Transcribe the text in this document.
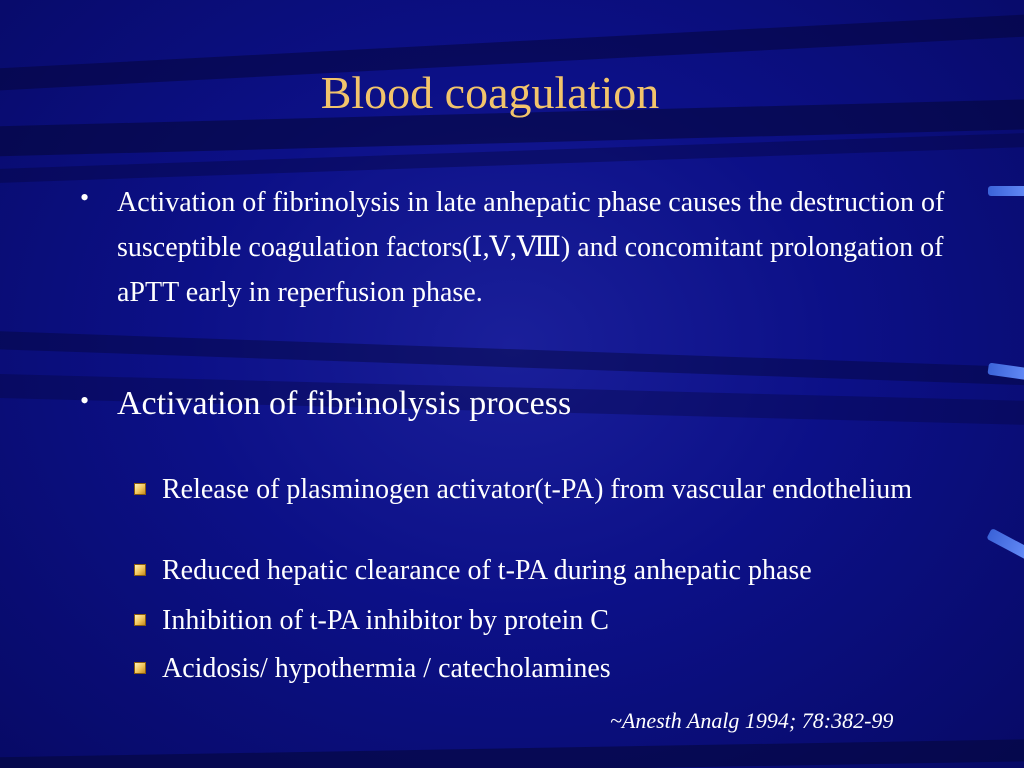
Blood coagulation
• Activation of fibrinolysis in late anhepatic phase causes the destruction of susceptible coagulation factors(Ⅰ,Ⅴ,Ⅷ) and concomitant prolongation of aPTT early in reperfusion phase.
• Activation of fibrinolysis process
Release of plasminogen activator(t-PA) from vascular endothelium
Reduced hepatic clearance of t-PA during anhepatic phase
Inhibition of t-PA inhibitor by protein C
Acidosis/ hypothermia / catecholamines
~Anesth Analg 1994; 78:382-99
